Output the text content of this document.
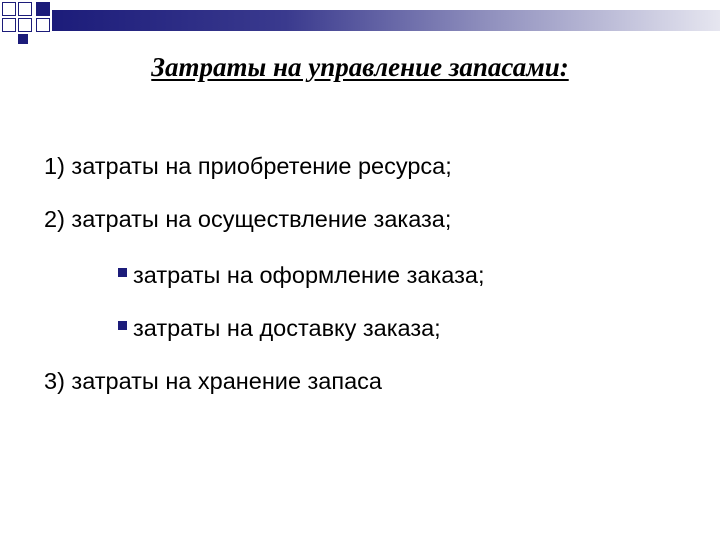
Затраты на управление запасами:
1) затраты на приобретение ресурса;
2) затраты на осуществление заказа;
затраты на оформление заказа;
затраты на доставку заказа;
3) затраты на хранение запаса
